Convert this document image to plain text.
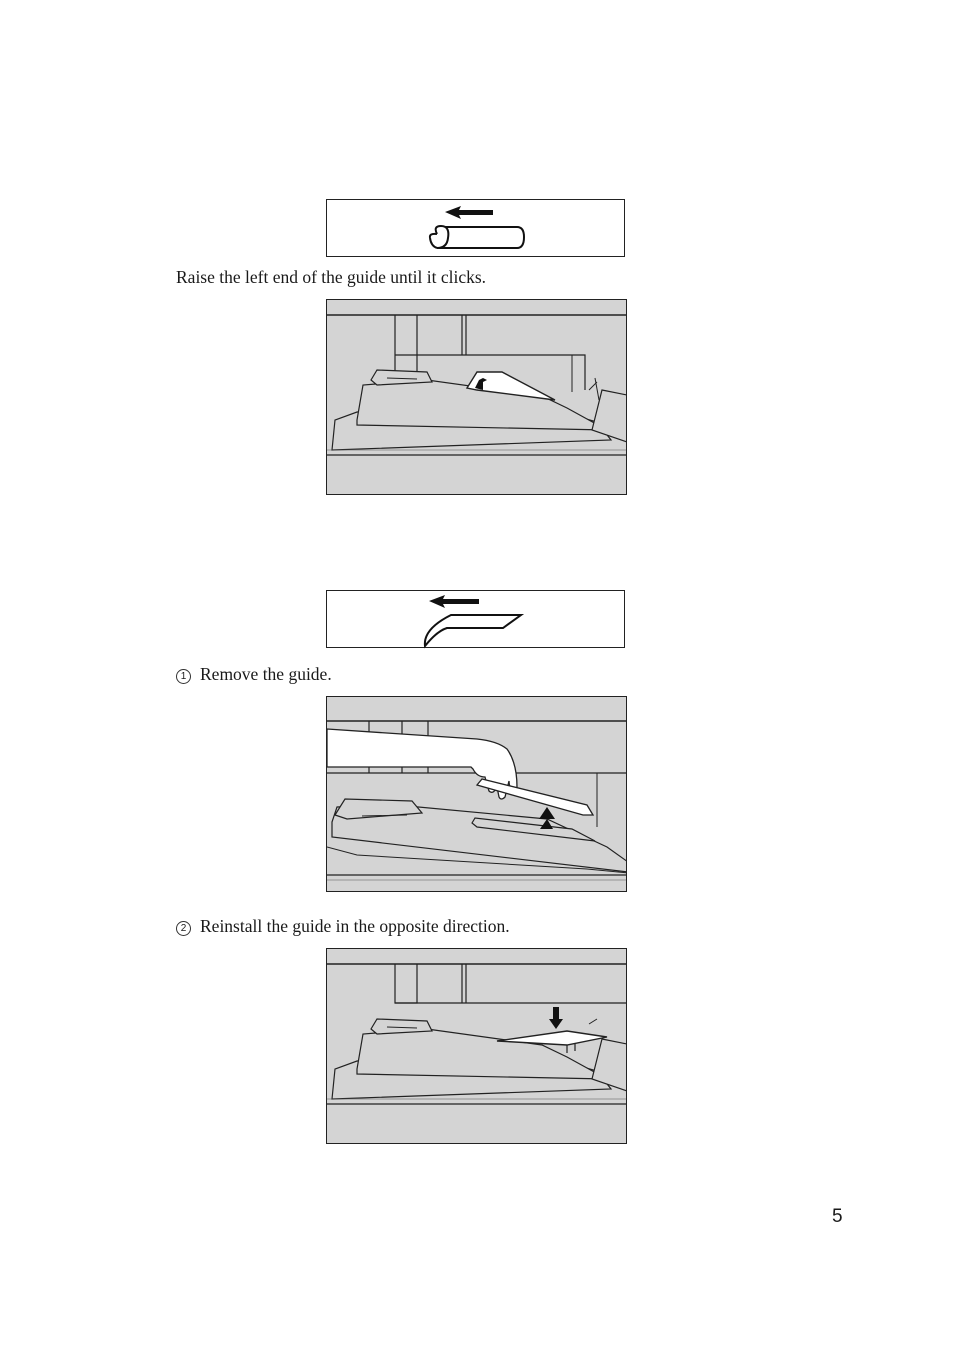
Raise the left end of the guide until it clicks.
1 Remove the guide.
2 Reinstall the guide in the opposite direction.
5
